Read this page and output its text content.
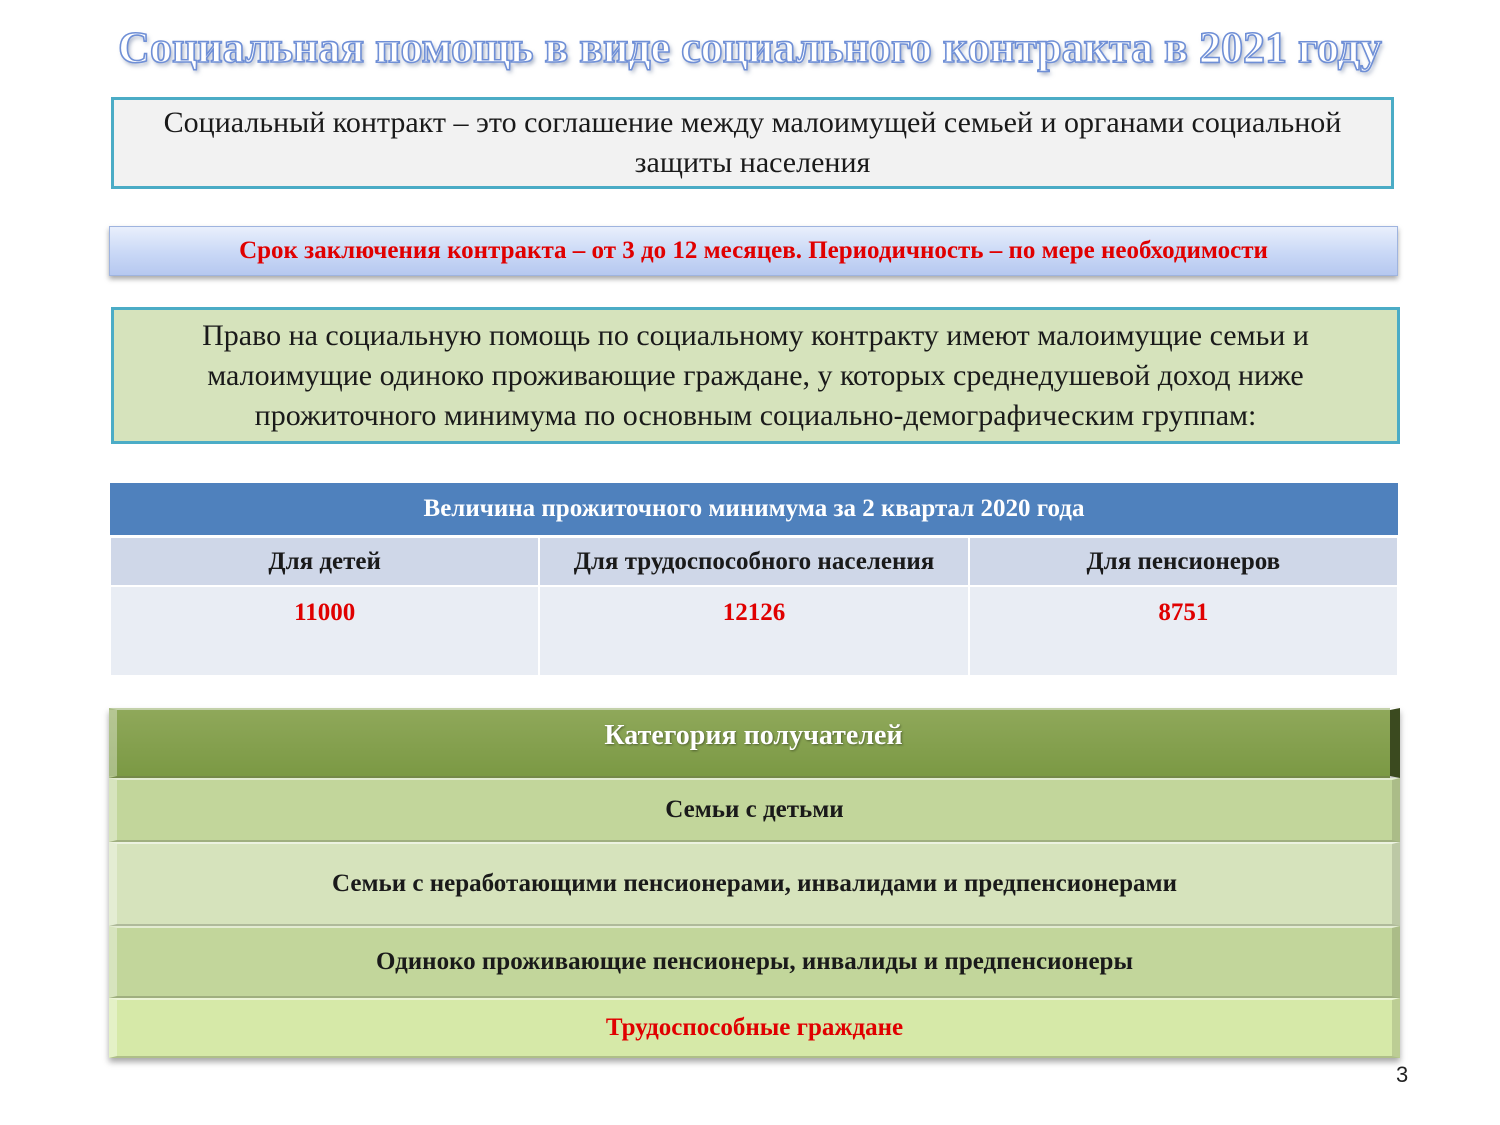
Социальная помощь в виде социального контракта в 2021 году
Социальный контракт – это соглашение между малоимущей семьей и органами социальной защиты населения
Срок заключения контракта – от 3 до 12 месяцев. Периодичность – по мере необходимости
Право на социальную помощь по социальному контракту имеют малоимущие семьи и малоимущие одиноко проживающие граждане, у которых среднедушевой доход ниже прожиточного минимума по основным социально-демографическим группам:
Величина прожиточного минимума за 2 квартал 2020 года		
Для детей	Для трудоспособного населения	Для пенсионеров
11000	12126	8751
Категория получателей
Семьи с детьми
Семьи с неработающими пенсионерами, инвалидами и предпенсионерами
Одиноко проживающие пенсионеры, инвалиды и предпенсионеры
Трудоспособные граждане
3
